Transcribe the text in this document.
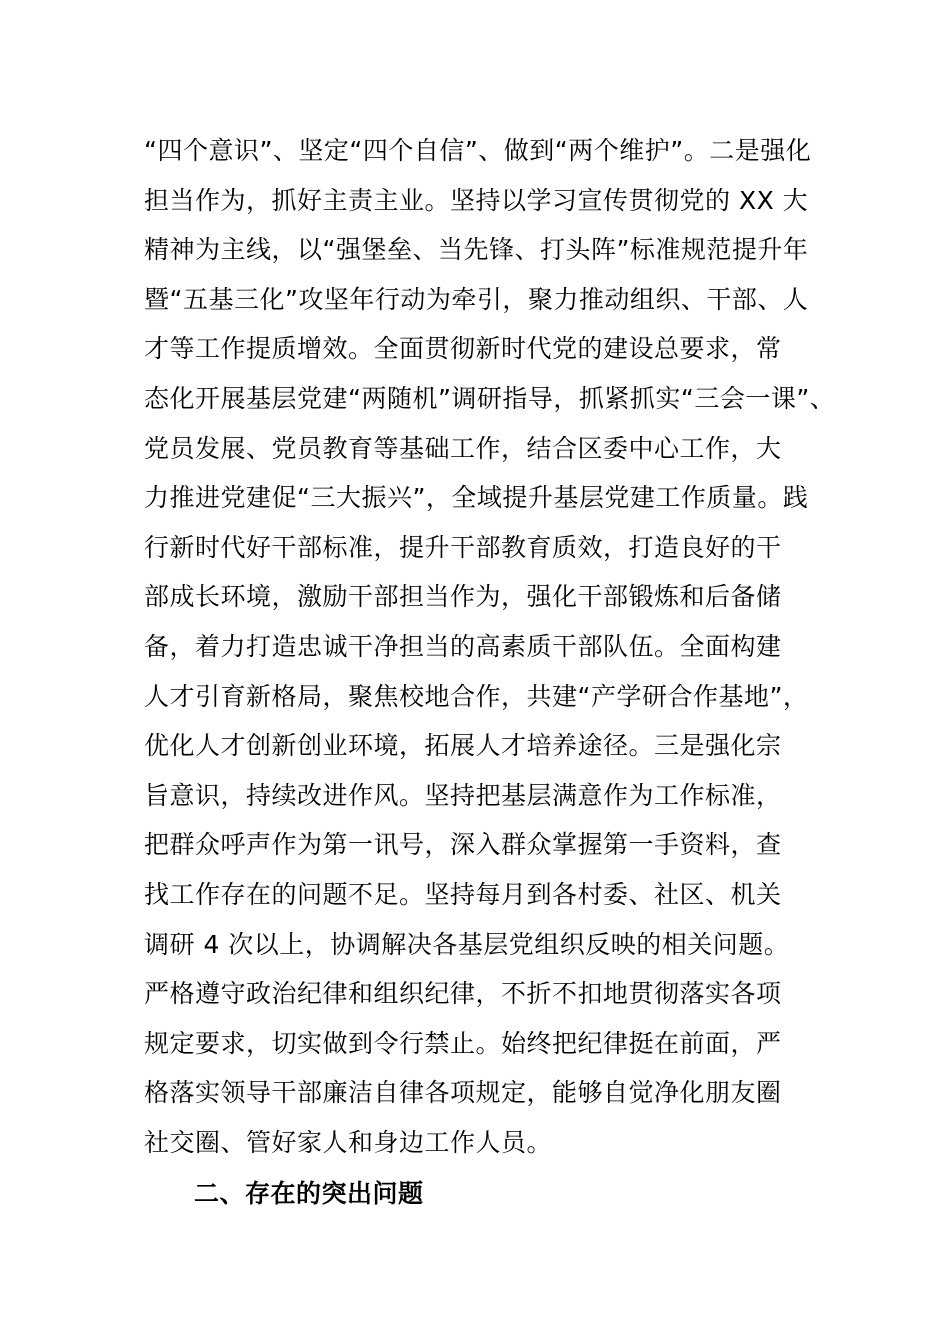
“四个意识”、坚定“四个自信”、做到“两个维护”。二是强化
担当作为，抓好主责主业。坚持以学习宣传贯彻党的 XX 大
精神为主线，以“强堡垒、当先锋、打头阵”标准规范提升年
暨“五基三化”攻坚年行动为牵引，聚力推动组织、干部、人
才等工作提质增效。全面贯彻新时代党的建设总要求，常
态化开展基层党建“两随机”调研指导，抓紧抓实“三会一课”、
党员发展、党员教育等基础工作，结合区委中心工作，大
力推进党建促“三大振兴”，全域提升基层党建工作质量。践
行新时代好干部标准，提升干部教育质效，打造良好的干
部成长环境，激励干部担当作为，强化干部锻炼和后备储
备，着力打造忠诚干净担当的高素质干部队伍。全面构建
人才引育新格局，聚焦校地合作，共建“产学研合作基地”，
优化人才创新创业环境，拓展人才培养途径。三是强化宗
旨意识，持续改进作风。坚持把基层满意作为工作标准，
把群众呼声作为第一讯号，深入群众掌握第一手资料，查
找工作存在的问题不足。坚持每月到各村委、社区、机关
调研 4 次以上，协调解决各基层党组织反映的相关问题。
严格遵守政治纪律和组织纪律，不折不扣地贯彻落实各项
规定要求，切实做到令行禁止。始终把纪律挺在前面，严
格落实领导干部廉洁自律各项规定，能够自觉净化朋友圈
社交圈、管好家人和身边工作人员。
二、存在的突出问题
